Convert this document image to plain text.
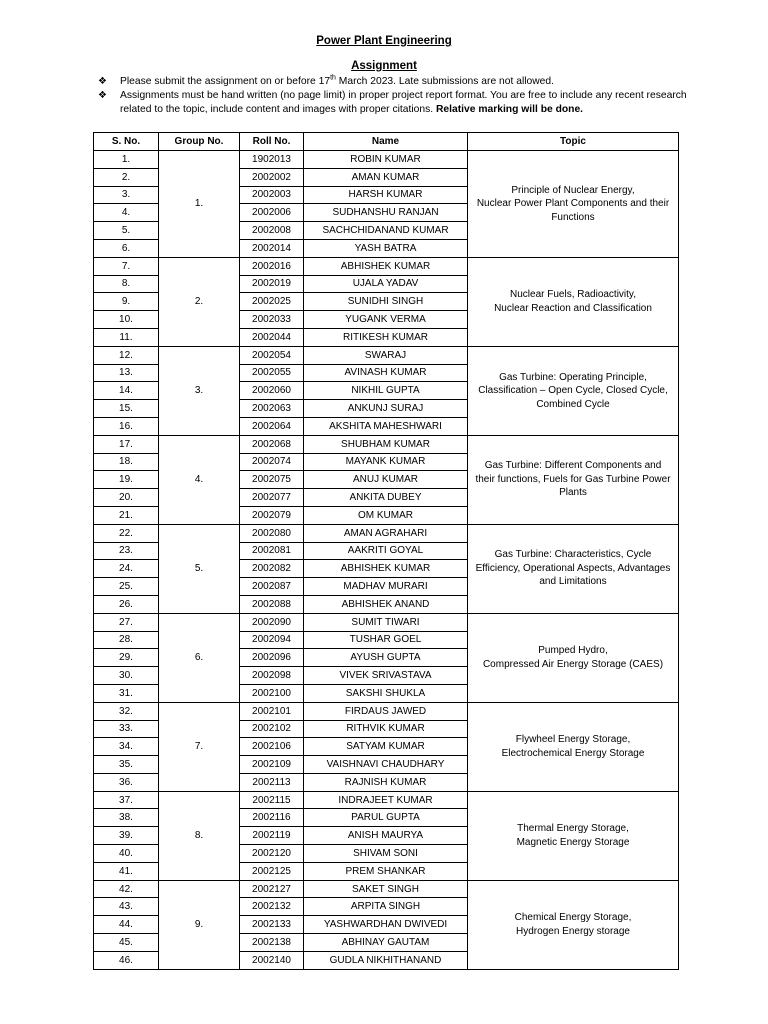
Power Plant Engineering
Assignment

❖ Please submit the assignment on or before 17th March 2023. Late submissions are not allowed.

❖ Assignments must be hand written (no page limit) in proper project report format. You are free to include any recent research related to the topic, include content and images with proper citations. Relative marking will be done.

S. No.	Group No.	Roll No.	Name	Topic
1.	1.	1902013	ROBIN KUMAR	Principle of Nuclear Energy,
Nuclear Power Plant Components and their Functions

2.		2002002	AMAN KUMAR	
3.		2002003	HARSH KUMAR	
4.		2002006	SUDHANSHU RANJAN	
5.		2002008	SACHCHIDANAND KUMAR	
6.		2002014	YASH BATRA	
7.	2.	2002016	ABHISHEK KUMAR	Nuclear Fuels, Radioactivity,
Nuclear Reaction and Classification

8.		2002019	UJALA YADAV	
9.		2002025	SUNIDHI SINGH	
10.		2002033	YUGANK VERMA	
11.		2002044	RITIKESH KUMAR	
12.	3.	2002054	SWARAJ	Gas Turbine: Operating Principle, Classification – Open Cycle, Closed Cycle, Combined Cycle

13.		2002055	AVINASH KUMAR	
14.		2002060	NIKHIL GUPTA	
15.		2002063	ANKUNJ SURAJ	
16.		2002064	AKSHITA MAHESHWARI	
17.	4.	2002068	SHUBHAM KUMAR	Gas Turbine: Different Components and their functions, Fuels for Gas Turbine Power Plants

18.		2002074	MAYANK KUMAR	
19.		2002075	ANUJ KUMAR	
20.		2002077	ANKITA DUBEY	
21.		2002079	OM KUMAR	
22.	5.	2002080	AMAN AGRAHARI	Gas Turbine: Characteristics, Cycle Efficiency, Operational Aspects, Advantages and Limitations

23.		2002081	AAKRITI GOYAL	
24.		2002082	ABHISHEK KUMAR	
25.		2002087	MADHAV MURARI	
26.		2002088	ABHISHEK ANAND	
27.	6.	2002090	SUMIT TIWARI	Pumped Hydro,
Compressed Air Energy Storage (CAES)

28.		2002094	TUSHAR GOEL	
29.		2002096	AYUSH GUPTA	
30.		2002098	VIVEK SRIVASTAVA	
31.		2002100	SAKSHI SHUKLA	
32.	7.	2002101	FIRDAUS JAWED	Flywheel Energy Storage,
Electrochemical Energy Storage

33.		2002102	RITHVIK KUMAR	
34.		2002106	SATYAM KUMAR	
35.		2002109	VAISHNAVI CHAUDHARY	
36.		2002113	RAJNISH KUMAR	
37.	8.	2002115	INDRAJEET KUMAR	Thermal Energy Storage,
Magnetic Energy Storage

38.		2002116	PARUL GUPTA	
39.		2002119	ANISH MAURYA	
40.		2002120	SHIVAM SONI	
41.		2002125	PREM SHANKAR	
42.	9.	2002127	SAKET SINGH	Chemical Energy Storage,
Hydrogen Energy storage

43.		2002132	ARPITA SINGH	
44.		2002133	YASHWARDHAN DWIVEDI	
45.		2002138	ABHINAY GAUTAM	
46.		2002140	GUDLA NIKHITHANAND	
